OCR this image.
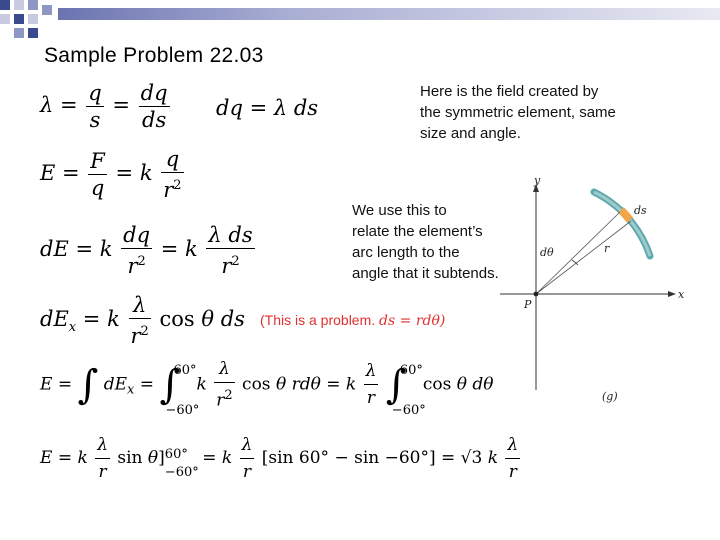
Sample Problem 22.03
$\lambda = \frac{q}{s} = \frac{dq}{ds}$ dq = λ ds
$E = \frac{F}{q} = k \frac{q}{r^2}$
dE = k $\frac{dq}{r^2} = k \frac{\text{λ ds}}{r^2}$
$dE_x = k \frac{\lambda}{r^2}$ cos θ ds (This is a problem. ds = rdθ)
E = ∫ $dE_x$ = ∫
60°
−60°
k $\frac{\lambda}{r^2}$ cos θ rdθ = k $\frac{\lambda}{r}$ ∫
60°
−60°
cos θ dθ
E = k $\frac{\lambda}{r}$ sin θ] 60°
−60°
= k $\frac{\lambda}{r} [\sin$ 60° − sin −60°] = √3 k $\frac{\lambda}{r}$
Here is the field created by
the symmetric element, same
size and angle.
We use this to
relate the element’s
arc length to the
angle that it subtends.
y
x
P
ds
dθ	r
(g)
